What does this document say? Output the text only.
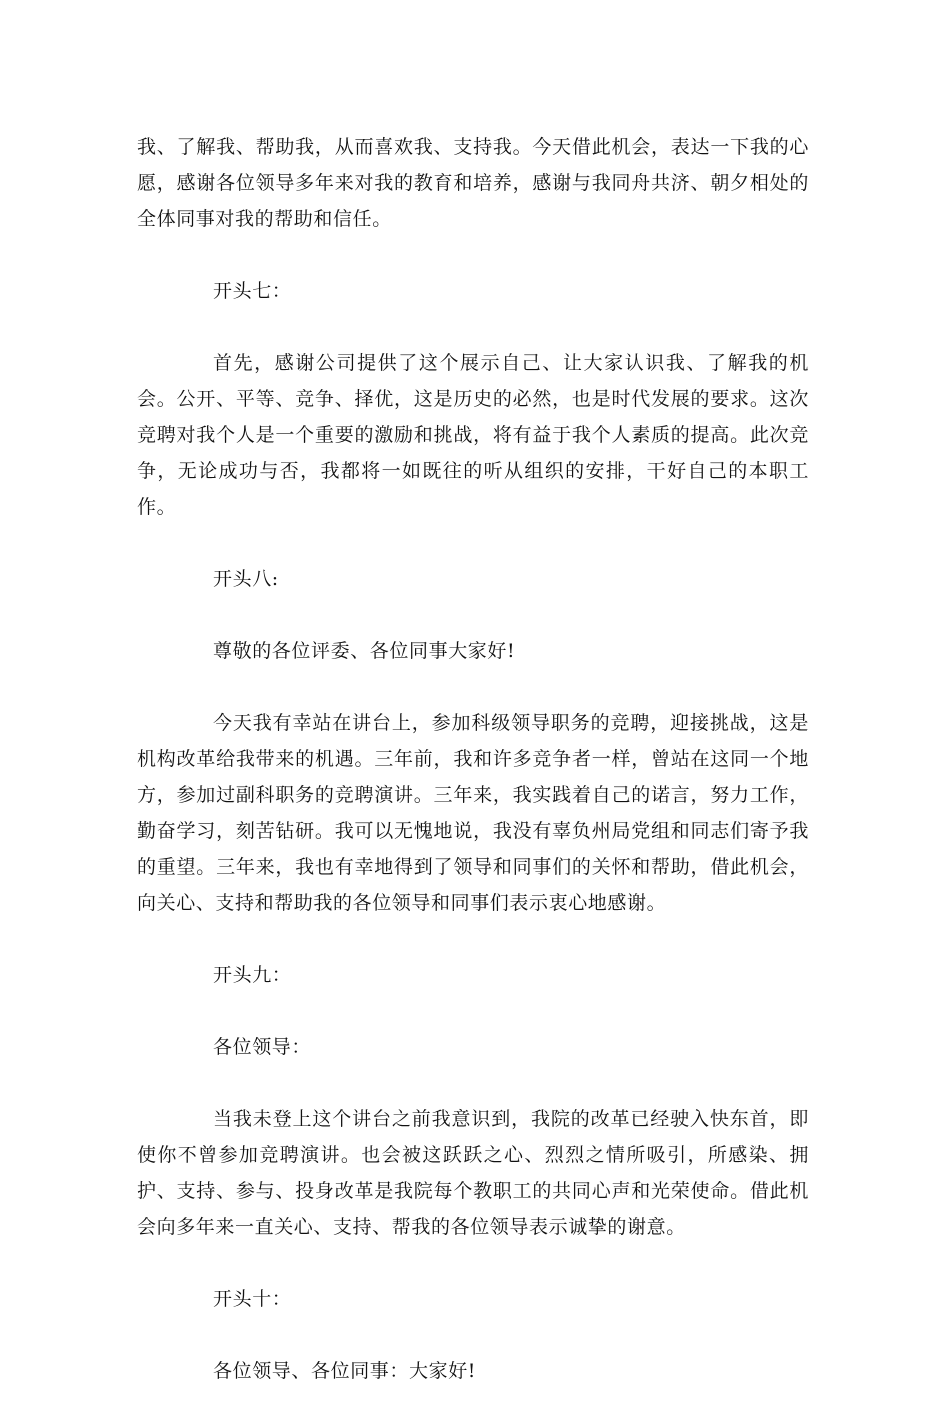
我、了解我、帮助我，从而喜欢我、支持我。今天借此机会，表达一下我的心愿，感谢各位领导多年来对我的教育和培养，感谢与我同舟共济、朝夕相处的全体同事对我的帮助和信任。

开头七：

首先，感谢公司提供了这个展示自己、让大家认识我、了解我的机会。公开、平等、竞争、择优，这是历史的必然，也是时代发展的要求。这次竞聘对我个人是一个重要的激励和挑战，将有益于我个人素质的提高。此次竞争，无论成功与否，我都将一如既往的听从组织的安排，干好自己的本职工作。

开头八:

尊敬的各位评委、各位同事大家好!

今天我有幸站在讲台上，参加科级领导职务的竞聘，迎接挑战，这是机构改革给我带来的机遇。三年前，我和许多竞争者一样，曾站在这同一个地方，参加过副科职务的竞聘演讲。三年来，我实践着自己的诺言，努力工作，勤奋学习，刻苦钻研。我可以无愧地说，我没有辜负州局党组和同志们寄予我的重望。三年来，我也有幸地得到了领导和同事们的关怀和帮助，借此机会，向关心、支持和帮助我的各位领导和同事们表示衷心地感谢。

开头九：

各位领导：

当我未登上这个讲台之前我意识到，我院的改革已经驶入快东首，即使你不曾参加竞聘演讲。也会被这跃跃之心、烈烈之情所吸引，所感染、拥护、支持、参与、投身改革是我院每个教职工的共同心声和光荣使命。借此机会向多年来一直关心、支持、帮我的各位领导表示诚挚的谢意。

开头十：

各位领导、各位同事：大家好!
